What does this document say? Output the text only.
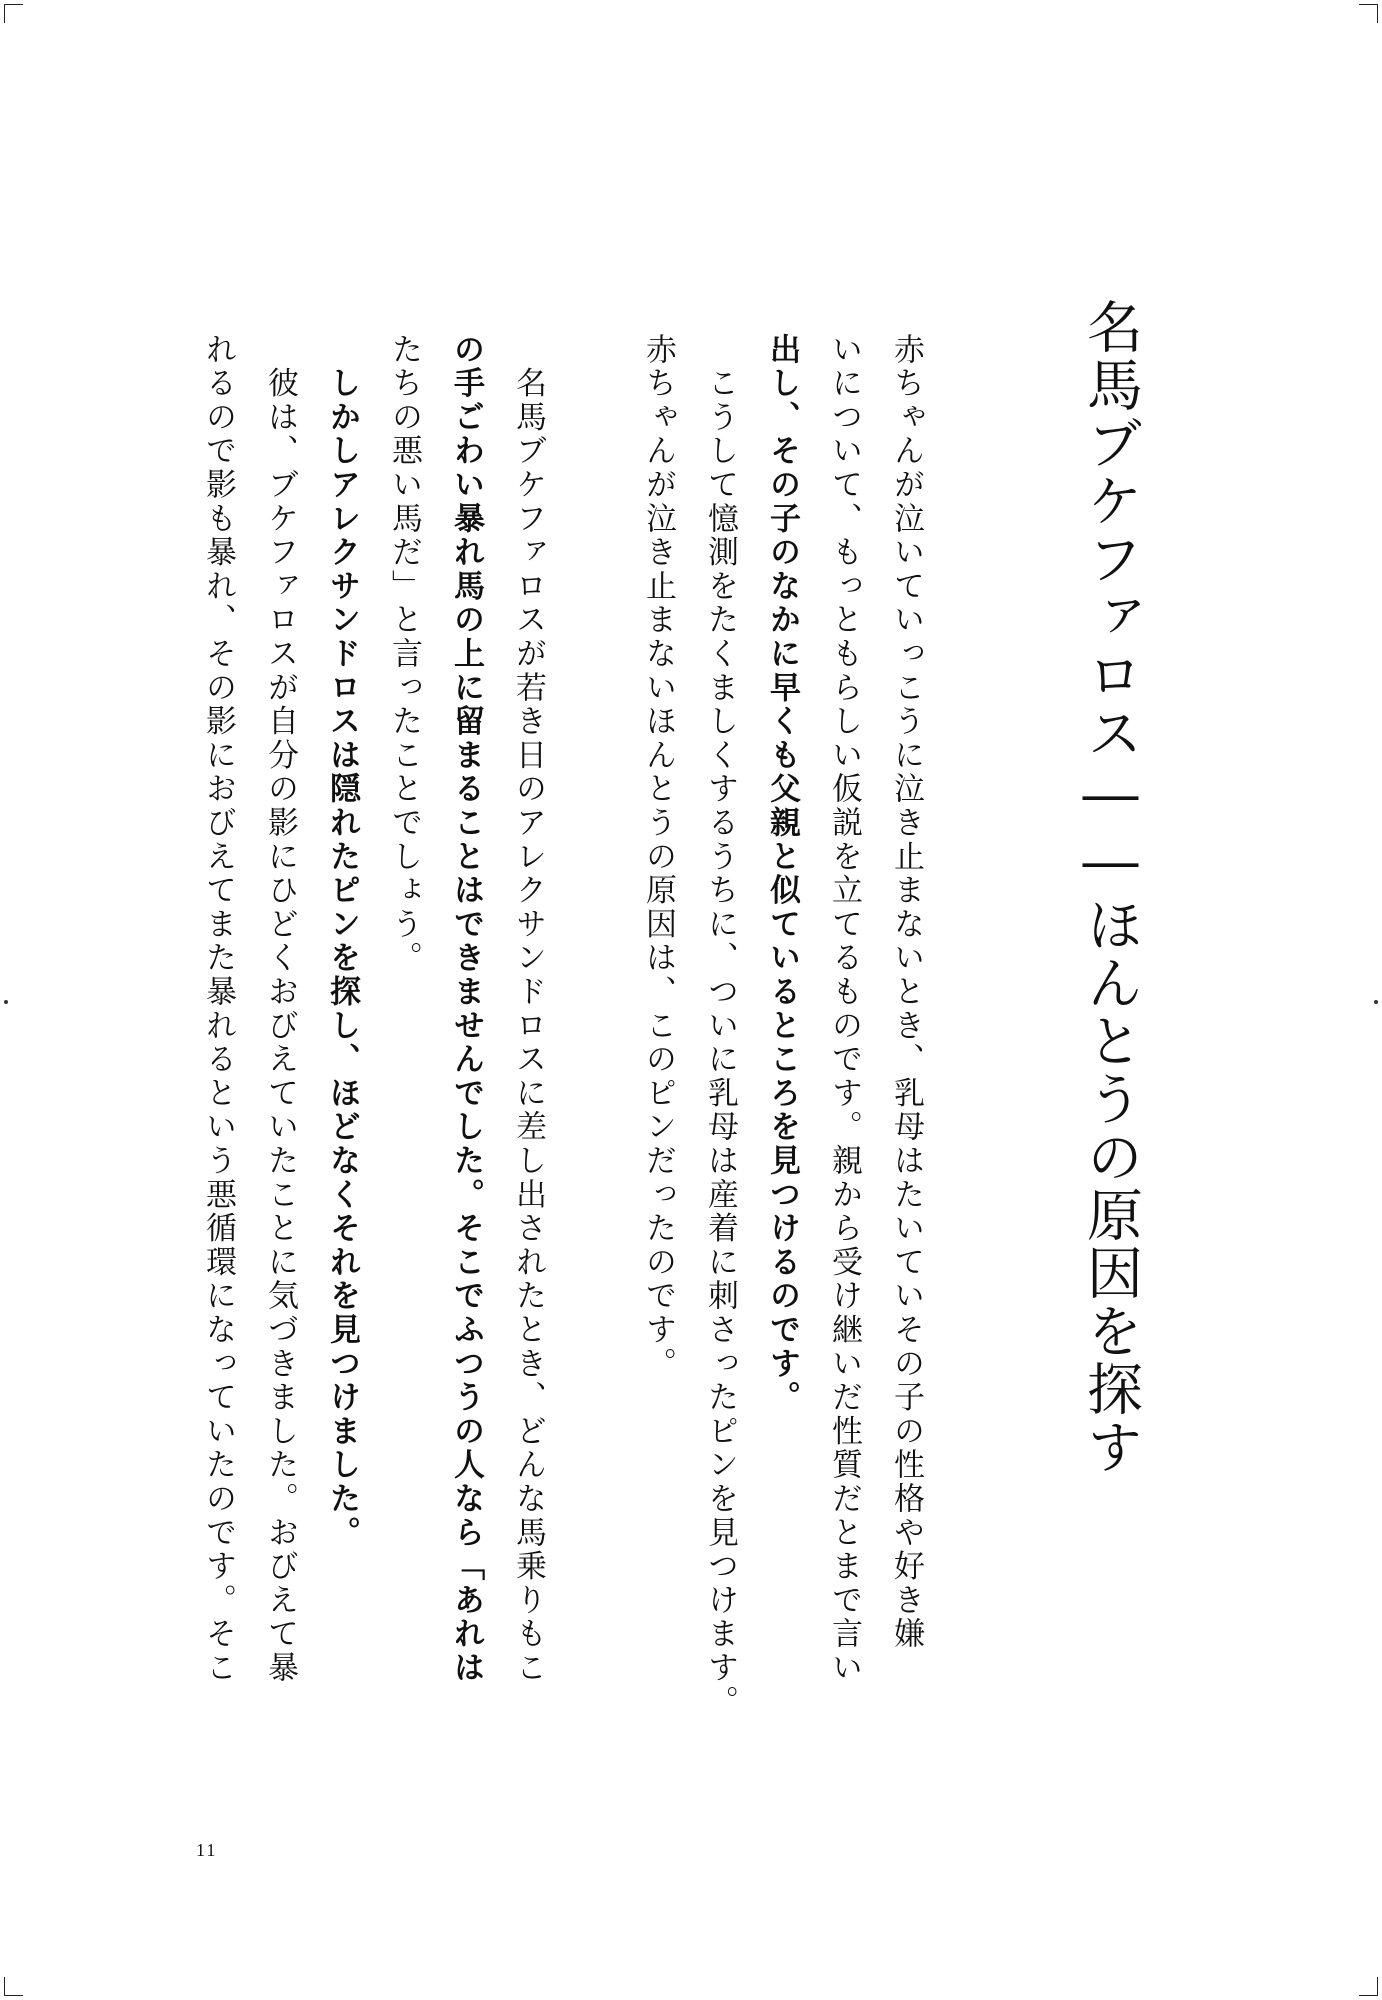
名馬ブケファロス――ほんとうの原因を探す
赤ちゃんが泣いていっこうに泣き止まないとき、乳母はたいていその子の性格や好き嫌
いについて、もっともらしい仮説を立てるものです。親から受け継いだ性質だとまで言い
出し、その子のなかに早くも父親と似ているところを見つけるのです。
　こうして憶測をたくましくするうちに、ついに乳母は産着に刺さったピンを見つけます。
赤ちゃんが泣き止まないほんとうの原因は、このピンだったのです。
　名馬ブケファロスが若き日のアレクサンドロスに差し出されたとき、どんな馬乗りもこ
の手ごわい暴れ馬の上に留まることはできませんでした。そこでふつうの人なら「あれは
たちの悪い馬だ」と言ったことでしょう。
　しかしアレクサンドロスは隠れたピンを探し、ほどなくそれを見つけました。
　彼は、ブケファロスが自分の影にひどくおびえていたことに気づきました。おびえて暴
れるので影も暴れ、その影におびえてまた暴れるという悪循環になっていたのです。そこ
11
